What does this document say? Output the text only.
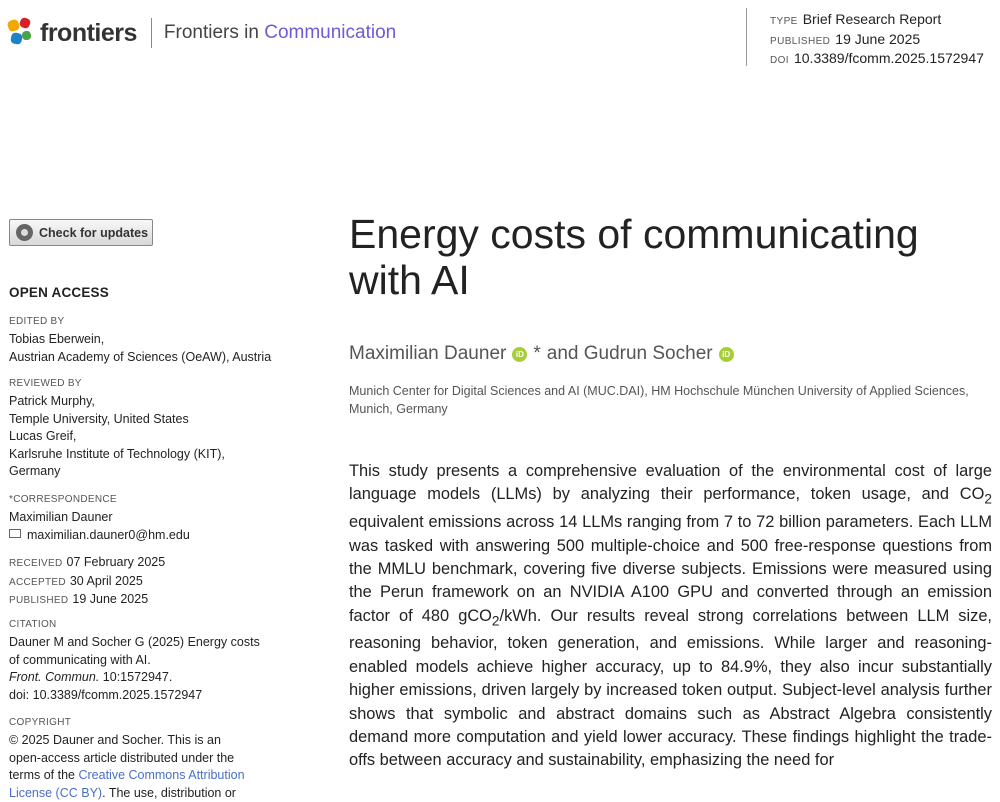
frontiers Frontiers in Communication
TYPE Brief Research Report
PUBLISHED 19 June 2025
DOI 10.3389/fcomm.2025.1572947
Check for updates
OPEN ACCESS
EDITED BY
Tobias Eberwein,
Austrian Academy of Sciences (OeAW), Austria
REVIEWED BY
Patrick Murphy,
Temple University, United States
Lucas Greif,
Karlsruhe Institute of Technology (KIT),
Germany
*CORRESPONDENCE
Maximilian Dauner
maximilian.dauner0@hm.edu
RECEIVED 07 February 2025
ACCEPTED 30 April 2025
PUBLISHED 19 June 2025
CITATION
Dauner M and Socher G (2025) Energy costs
of communicating with AI.
Front. Commun. 10:1572947.
doi: 10.3389/fcomm.2025.1572947
COPYRIGHT
© 2025 Dauner and Socher. This is an
open-access article distributed under the
terms of the Creative Commons Attribution
License (CC BY). The use, distribution or
Energy costs of communicating with AI
Maximilian Dauner	iD * and Gudrun Socher	iD
Munich Center for Digital Sciences and AI (MUC.DAI), HM Hochschule München University of Applied Sciences, Munich, Germany

This study presents a comprehensive evaluation of the environmental cost of large language models (LLMs) by analyzing their performance, token usage, and $CO_2$ equivalent emissions across 14 LLMs ranging from 7 to 72 billion parameters. Each LLM was tasked with answering 500 multiple-choice and 500 free-response questions from the MMLU benchmark, covering five diverse subjects. Emissions were measured using the Perun framework on an NVIDIA A100 GPU and converted through an emission factor of 480 gCO$_2$/kWh. Our results reveal strong correlations between LLM size, reasoning behavior, token generation, and emissions. While larger and reasoning-enabled models achieve higher accuracy, up to 84.9%, they also incur substantially higher emissions, driven largely by increased token output. Subject-level analysis further shows that symbolic and abstract domains such as Abstract Algebra consistently demand more computation and yield lower accuracy. These findings highlight the trade-offs between accuracy and sustainability, emphasizing the need for
